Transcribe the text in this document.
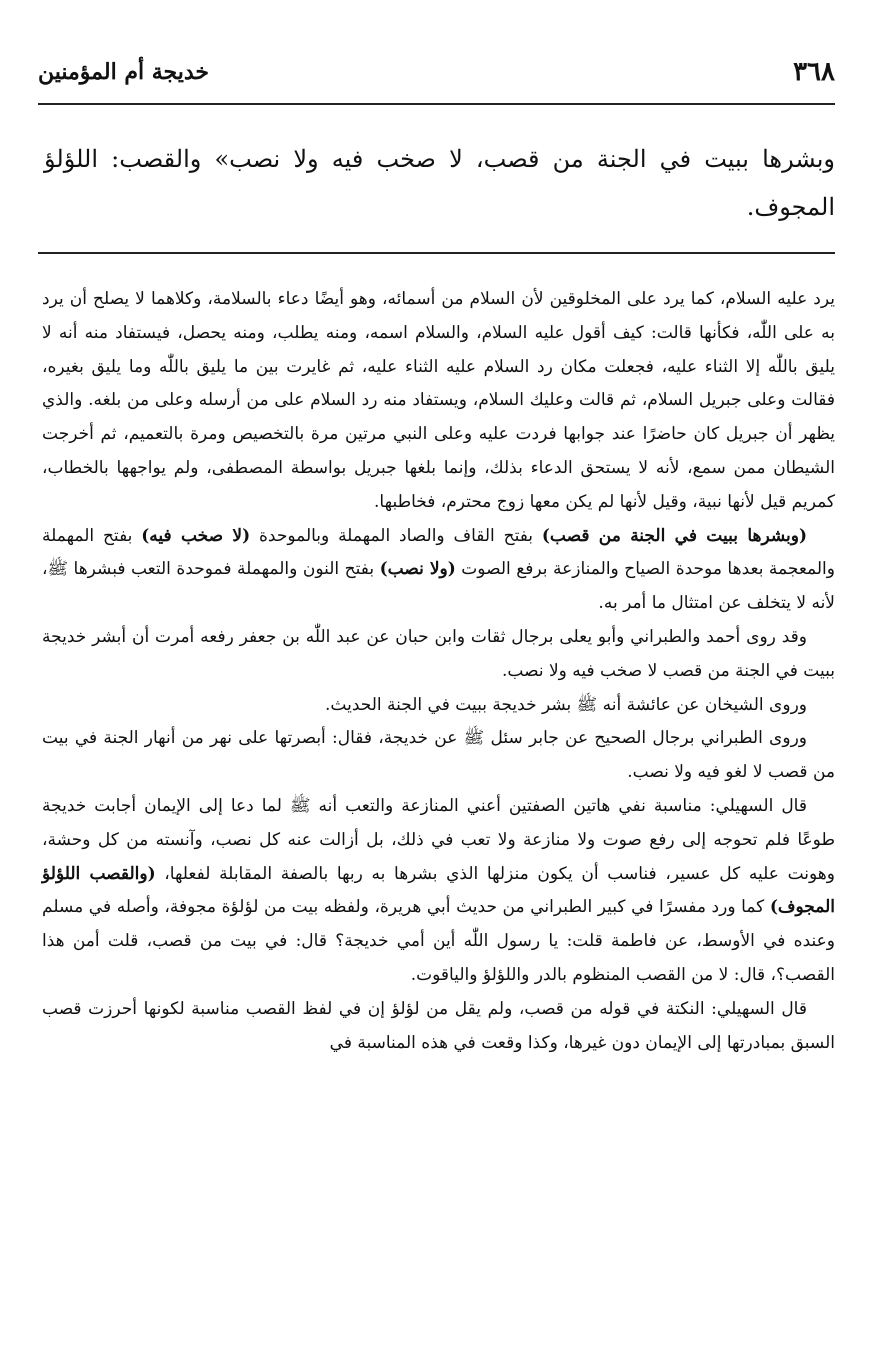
٣٦٨
خديجة أم المؤمنين
وبشرها ببيت في الجنة من قصب، لا صخب فيه ولا نصب» والقصب: اللؤلؤ المجوف.

يرد عليه السلام، كما يرد على المخلوقين لأن السلام من أسمائه، وهو أيضًا دعاء بالسلامة، وكلاهما لا يصلح أن يرد به على اللّٰه، فكأنها قالت: كيف أقول عليه السلام، والسلام اسمه، ومنه يطلب، ومنه يحصل، فيستفاد منه أنه لا يليق باللّٰه إلا الثناء عليه، فجعلت مكان رد السلام عليه الثناء عليه، ثم غايرت بين ما يليق باللّٰه وما يليق بغيره، فقالت وعلى جبريل السلام، ثم قالت وعليك السلام، ويستفاد منه رد السلام على من أرسله وعلى من بلغه. والذي يظهر أن جبريل كان حاضرًا عند جوابها فردت عليه وعلى النبي مرتين مرة بالتخصيص ومرة بالتعميم، ثم أخرجت الشيطان ممن سمع، لأنه لا يستحق الدعاء بذلك، وإنما بلغها جبريل بواسطة المصطفى، ولم يواجهها بالخطاب، كمريم قيل لأنها نبية، وقيل لأنها لم يكن معها زوج محترم، فخاطبها.

(وبشرها ببيت في الجنة من قصب) بفتح القاف والصاد المهملة وبالموحدة (لا صخب فيه) بفتح المهملة والمعجمة بعدها موحدة الصياح والمنازعة برفع الصوت (ولا نصب) بفتح النون والمهملة فموحدة التعب فبشرها ﷺ، لأنه لا يتخلف عن امتثال ما أمر به.

وقد روى أحمد والطبراني وأبو يعلى برجال ثقات وابن حبان عن عبد اللّٰه بن جعفر رفعه أمرت أن أبشر خديجة ببيت في الجنة من قصب لا صخب فيه ولا نصب.

وروى الشيخان عن عائشة أنه ﷺ بشر خديجة ببيت في الجنة الحديث.

وروى الطبراني برجال الصحيح عن جابر سئل ﷺ عن خديجة، فقال: أبصرتها على نهر من أنهار الجنة في بيت من قصب لا لغو فيه ولا نصب.

قال السهيلي: مناسبة نفي هاتين الصفتين أعني المنازعة والتعب أنه ﷺ لما دعا إلى الإيمان أجابت خديجة طوعًا فلم تحوجه إلى رفع صوت ولا منازعة ولا تعب في ذلك، بل أزالت عنه كل نصب، وآنسته من كل وحشة، وهونت عليه كل عسير، فناسب أن يكون منزلها الذي بشرها به ربها بالصفة المقابلة لفعلها، (والقصب اللؤلؤ المجوف) كما ورد مفسرًا في كبير الطبراني من حديث أبي هريرة، ولفظه بيت من لؤلؤة مجوفة، وأصله في مسلم وعنده في الأوسط، عن فاطمة قلت: يا رسول اللّٰه أين أمي خديجة؟ قال: في بيت من قصب، قلت أمن هذا القصب؟، قال: لا من القصب المنظوم بالدر واللؤلؤ والياقوت.

قال السهيلي: النكتة في قوله من قصب، ولم يقل من لؤلؤ إن في لفظ القصب مناسبة لكونها أحرزت قصب السبق بمبادرتها إلى الإيمان دون غيرها، وكذا وقعت في هذه المناسبة في
